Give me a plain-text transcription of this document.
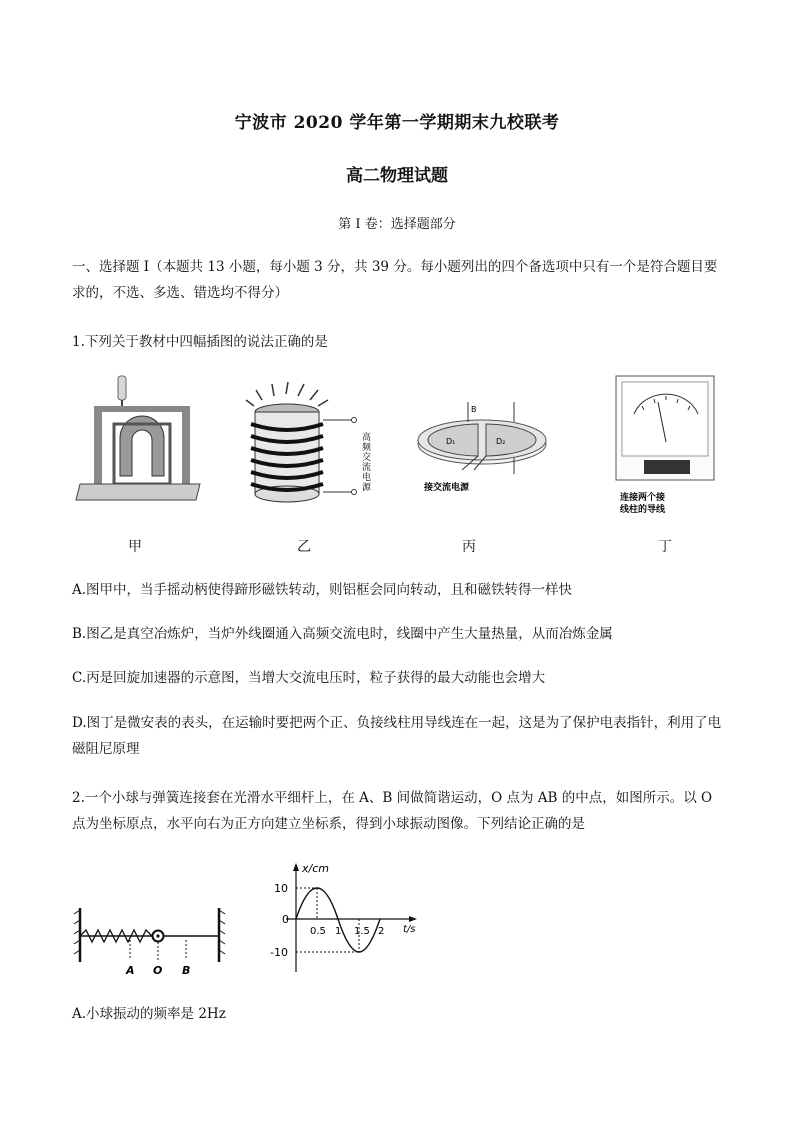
宁波市 2020 学年第一学期期末九校联考
高二物理试题
第 I 卷：选择题部分
一、选择题 I（本题共 13 小题，每小题 3 分，共 39 分。每小题列出的四个备选项中只有一个是符合题目要求的，不选、多选、错选均不得分）
1.下列关于教材中四幅插图的说法正确的是
高频交流电源
B
D₁	D₂
接交流电源
连接两个接
线柱的导线
甲	乙	丙	丁
A.图甲中，当手摇动柄使得蹄形磁铁转动，则铝框会同向转动，且和磁铁转得一样快
B.图乙是真空冶炼炉，当炉外线圈通入高频交流电时，线圈中产生大量热量，从而冶炼金属
C.丙是回旋加速器的示意图，当增大交流电压时，粒子获得的最大动能也会增大
D.图丁是微安表的表头，在运输时要把两个正、负接线柱用导线连在一起，这是为了保护电表指针，利用了电磁阻尼原理
2.一个小球与弹簧连接套在光滑水平细杆上，在 A、B 间做简谐运动，O 点为 AB 的中点，如图所示。以 O 点为坐标原点，水平向右为正方向建立坐标系，得到小球振动图像。下列结论正确的是
A O B
x/cm
t/s
10
0
-10
0.5 1 1.5 2
A.小球振动的频率是 2Hz
